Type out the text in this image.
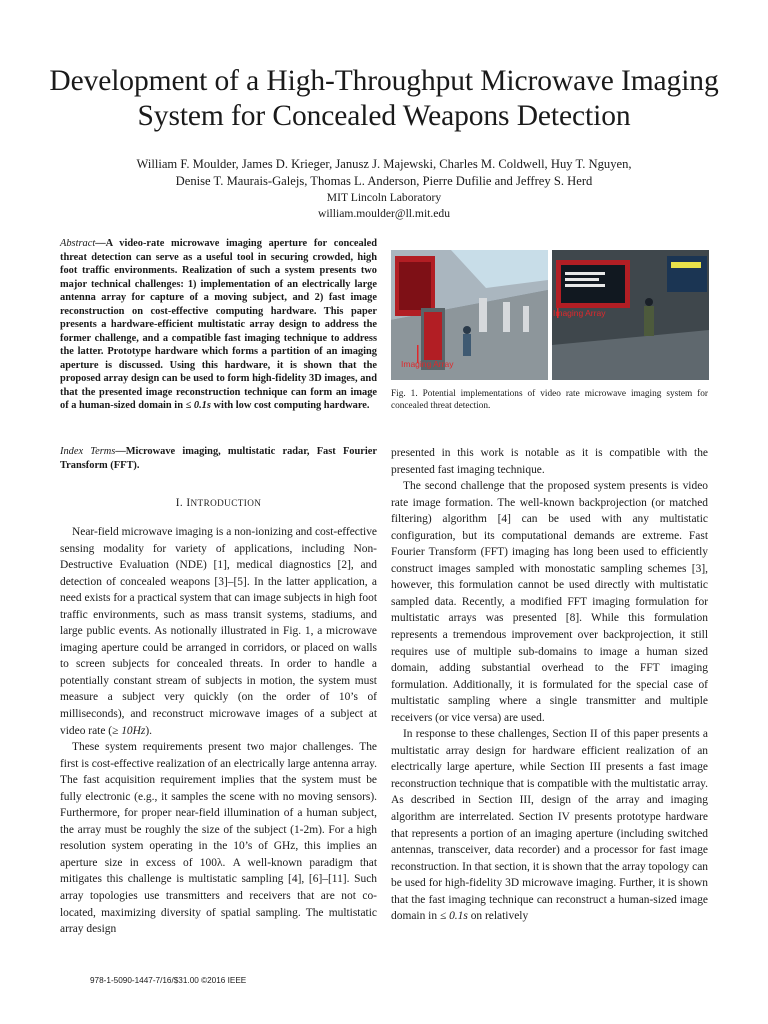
Development of a High-Throughput Microwave Imaging System for Concealed Weapons Detection
William F. Moulder, James D. Krieger, Janusz J. Majewski, Charles M. Coldwell, Huy T. Nguyen,
Denise T. Maurais-Galejs, Thomas L. Anderson, Pierre Dufilie and Jeffrey S. Herd
MIT Lincoln Laboratory
william.moulder@ll.mit.edu
Abstract—A video-rate microwave imaging aperture for concealed threat detection can serve as a useful tool in securing crowded, high foot traffic environments. Realization of such a system presents two major technical challenges: 1) implementation of an electrically large antenna array for capture of a moving subject, and 2) fast image reconstruction on cost-effective computing hardware. This paper presents a hardware-efficient multistatic array design to address the former challenge, and a compatible fast imaging technique to address the latter. Prototype hardware which forms a partition of an imaging aperture is discussed. Using this hardware, it is shown that the proposed array design can be used to form high-fidelity 3D images, and that the presented image reconstruction technique can form an image of a human-sized domain in ≤ 0.1s with low cost computing hardware.
Index Terms—Microwave imaging, multistatic radar, Fast Fourier Transform (FFT).
I. INTRODUCTION

Near-field microwave imaging is a non-ionizing and cost-effective sensing modality for variety of applications, including Non-Destructive Evaluation (NDE) [1], medical diagnostics [2], and detection of concealed weapons [3]–[5]. In the latter application, a need exists for a practical system that can image subjects in high foot traffic environments, such as mass transit systems, stadiums, and large public events. As notionally illustrated in Fig. 1, a microwave imaging aperture could be arranged in corridors, or placed on walls to screen subjects for concealed threats. In order to handle a potentially constant stream of subjects in motion, the system must measure a subject very quickly (on the order of 10’s of milliseconds), and reconstruct microwave images of a subject at video rate (≥ 10Hz).

These system requirements present two major challenges. The first is cost-effective realization of an electrically large antenna array. The fast acquisition requirement implies that the system must be fully electronic (e.g., it samples the scene with no moving sensors). Furthermore, for proper near-field illumination of a human subject, the array must be roughly the size of the subject (1-2m). For a high resolution system operating in the 10’s of GHz, this implies an aperture size in excess of 100λ. A well-known paradigm that mitigates this challenge is multistatic sampling [4], [6]–[11]. Such array topologies use transmitters and receivers that are not co-located, maximizing diversity of spatial sampling. The multistatic array design

Imaging Array
Imaging Array
Fig. 1. Potential implementations of video rate microwave imaging system for concealed threat detection.

presented in this work is notable as it is compatible with the presented fast imaging technique.

The second challenge that the proposed system presents is video rate image formation. The well-known backprojection (or matched filtering) algorithm [4] can be used with any multistatic configuration, but its computational demands are extreme. Fast Fourier Transform (FFT) imaging has long been used to efficiently construct images sampled with monostatic sampling schemes [3], however, this formulation cannot be used directly with multistatic sampled data. Recently, a modified FFT imaging formulation for multistatic arrays was presented [8]. While this formulation represents a tremendous improvement over backprojection, it still requires use of multiple sub-domains to image a human sized domain, adding substantial overhead to the FFT imaging formulation. Additionally, it is formulated for the special case of multistatic sampling where a single transmitter and multiple receivers (or vice versa) are used.

In response to these challenges, Section II of this paper presents a multistatic array design for hardware efficient realization of an electrically large aperture, while Section III presents a fast image reconstruction technique that is compatible with the multistatic array. As described in Section III, design of the array and imaging algorithm are interrelated. Section IV presents prototype hardware that represents a portion of an imaging aperture (including switched antennas, transceiver, data recorder) and a processor for fast image reconstruction. In that section, it is shown that the array topology can be used for high-fidelity 3D microwave imaging. Further, it is shown that the fast imaging technique can reconstruct a human-sized image domain in ≤ 0.1s on relatively

978-1-5090-1447-7/16/$31.00 ©2016 IEEE
